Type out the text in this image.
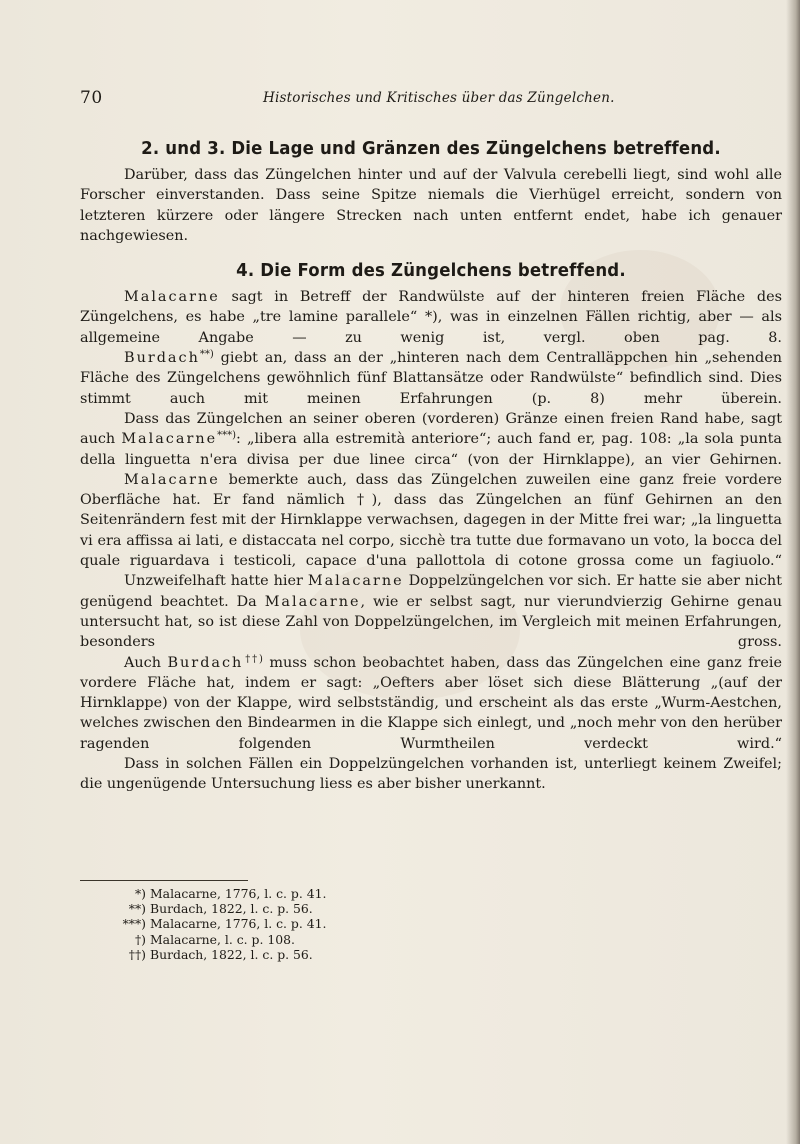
70	Historisches und Kritisches über das Züngelchen.
2. und 3. Die Lage und Gränzen des Züngelchens betreffend.

Darüber, dass das Züngelchen hinter und auf der Valvula cerebelli liegt, sind wohl alle Forscher einverstanden. Dass seine Spitze niemals die Vierhügel erreicht, sondern von letzteren kürzere oder längere Strecken nach unten entfernt endet, habe ich genauer nachgewiesen.

4. Die Form des Züngelchens betreffend.

Malacarne sagt in Betreff der Randwülste auf der hinteren freien Fläche des Züngelchens, es habe „tre lamine parallele“ *), was in einzelnen Fällen richtig, aber — als allgemeine Angabe — zu wenig ist, vergl. oben pag. 8.

Burdach**) giebt an, dass an der „hinteren nach dem Centralläppchen hin „sehenden Fläche des Züngelchens gewöhnlich fünf Blattansätze oder Randwülste“ befindlich sind. Dies stimmt auch mit meinen Erfahrungen (p. 8) mehr überein.

Dass das Züngelchen an seiner oberen (vorderen) Gränze einen freien Rand habe, sagt auch Malacarne***): „libera alla estremità anteriore“; auch fand er, pag. 108: „la sola punta della linguetta n'era divisa per due linee circa“ (von der Hirnklappe), an vier Gehirnen.

Malacarne bemerkte auch, dass das Züngelchen zuweilen eine ganz freie vordere Oberfläche hat. Er fand nämlich †), dass das Züngelchen an fünf Gehirnen an den Seitenrändern fest mit der Hirnklappe verwachsen, dagegen in der Mitte frei war; „la linguetta vi era affissa ai lati, e distaccata nel corpo, sicchè tra tutte due formavano un voto, la bocca del quale riguardava i testicoli, capace d'una pallottola di cotone grossa come un fagiuolo.“

Unzweifelhaft hatte hier Malacarne Doppelzüngelchen vor sich. Er hatte sie aber nicht genügend beachtet. Da Malacarne, wie er selbst sagt, nur vierundvierzig Gehirne genau untersucht hat, so ist diese Zahl von Doppelzüngelchen, im Vergleich mit meinen Erfahrungen, besonders gross.

Auch Burdach††) muss schon beobachtet haben, dass das Züngelchen eine ganz freie vordere Fläche hat, indem er sagt: „Oefters aber löset sich diese Blätterung „(auf der Hirnklappe) von der Klappe, wird selbstständig, und erscheint als das erste „Wurm-Aestchen, welches zwischen den Bindearmen in die Klappe sich einlegt, und „noch mehr von den herüber ragenden folgenden Wurmtheilen verdeckt wird.“

Dass in solchen Fällen ein Doppelzüngelchen vorhanden ist, unterliegt keinem Zweifel; die ungenügende Untersuchung liess es aber bisher unerkannt.

*) Malacarne, 1776, l. c. p. 41.
**) Burdach, 1822, l. c. p. 56.
***) Malacarne, 1776, l. c. p. 41.
†) Malacarne, l. c. p. 108.
††) Burdach, 1822, l. c. p. 56.
